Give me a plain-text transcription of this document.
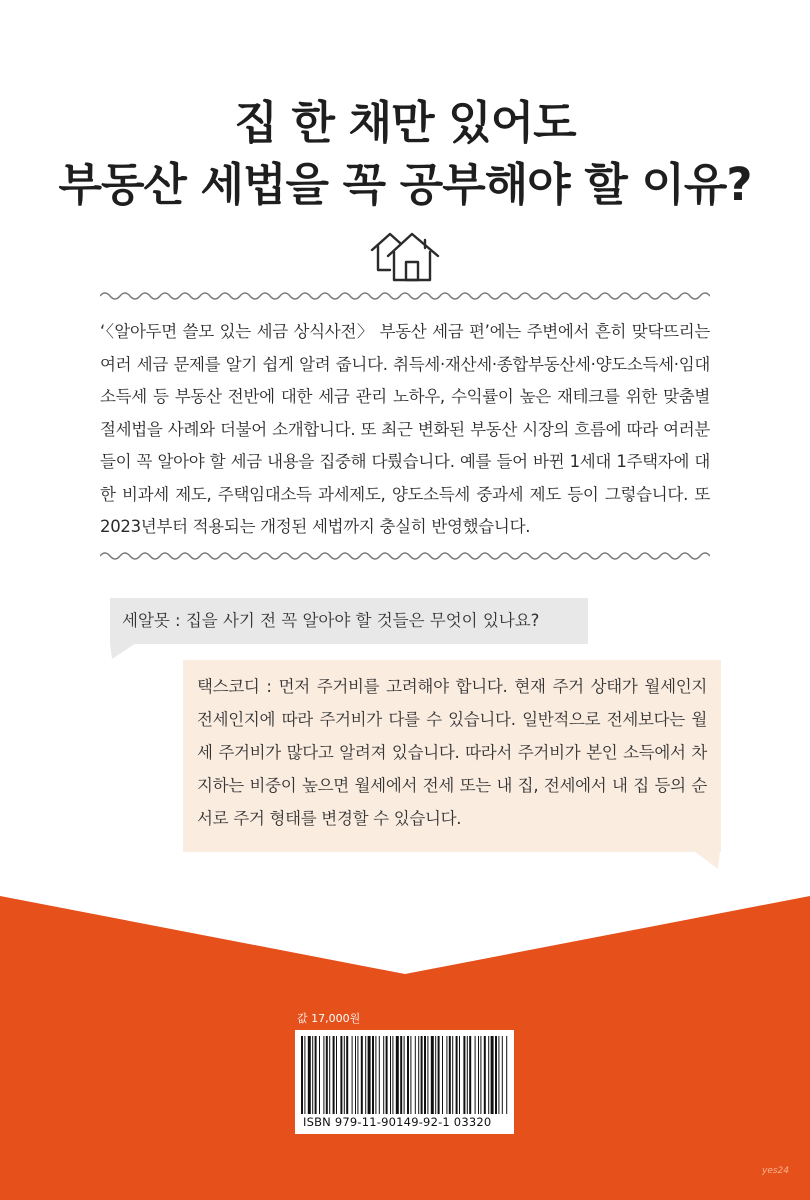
집 한 채만 있어도
부동산 세법을 꼭 공부해야 할 이유?
‘〈알아두면 쓸모 있는 세금 상식사전〉 부동산 세금 편’에는 주변에서 흔히 맞닥뜨리는 여러 세금 문제를 알기 쉽게 알려 줍니다. 취득세·재산세·종합부동산세·양도소득세·임대소득세 등 부동산 전반에 대한 세금 관리 노하우, 수익률이 높은 재테크를 위한 맞춤별 절세법을 사례와 더불어 소개합니다. 또 최근 변화된 부동산 시장의 흐름에 따라 여러분들이 꼭 알아야 할 세금 내용을 집중해 다뤘습니다. 예를 들어 바뀐 1세대 1주택자에 대한 비과세 제도, 주택임대소득 과세제도, 양도소득세 중과세 제도 등이 그렇습니다. 또 2023년부터 적용되는 개정된 세법까지 충실히 반영했습니다.
세알못 : 집을 사기 전 꼭 알아야 할 것들은 무엇이 있나요?
택스코디 : 먼저 주거비를 고려해야 합니다. 현재 주거 상태가 월세인지 전세인지에 따라 주거비가 다를 수 있습니다. 일반적으로 전세보다는 월세 주거비가 많다고 알려져 있습니다. 따라서 주거비가 본인 소득에서 차지하는 비중이 높으면 월세에서 전세 또는 내 집, 전세에서 내 집 등의 순서로 주거 형태를 변경할 수 있습니다.
값 17,000원
ISBN 979-11-90149-92-1 03320
yes24
